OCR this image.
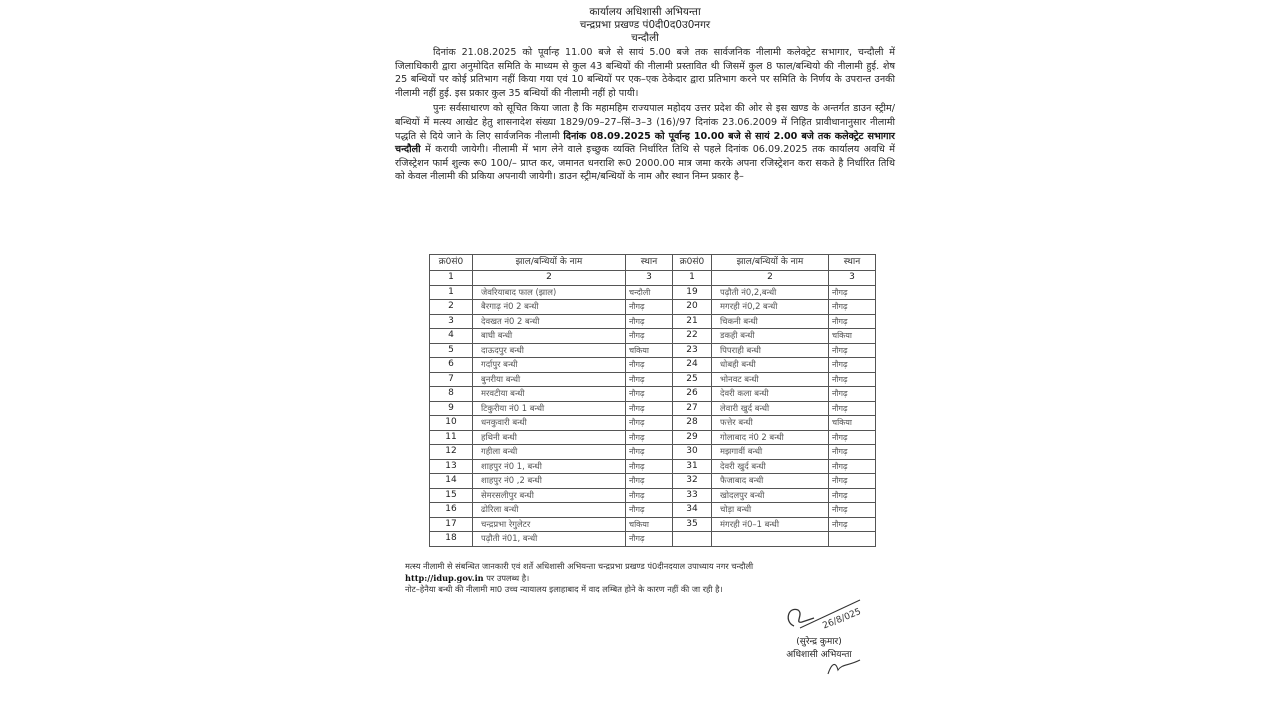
कार्यालय अधिशासी अभियन्ता
चन्द्रप्रभा प्रखण्ड पं0दी0द0उ0नगर
चन्दौली

दिनांक 21.08.2025 को पूर्वान्ह 11.00 बजे से सायं 5.00 बजे तक सार्वजनिक नीलामी कलेक्ट्रेट सभागार, चन्दौली में जिलाधिकारी द्वारा अनुमोदित समिति के माध्यम से कुल 43 बन्धियों की नीलामी प्रस्तावित थी जिसमें कुल 8 फाल/बन्धियो की नीलामी हुई. शेष 25 बन्धियों पर कोई प्रतिभाग नहीं किया गया एवं 10 बन्धियों पर एक–एक ठेकेदार द्वारा प्रतिभाग करने पर समिति के निर्णय के उपरान्त उनकी नीलामी नहीं हुई. इस प्रकार कुल 35 बन्धियों की नीलामी नहीं हो पायी।

पुनः सर्वसाधारण को सूचित किया जाता है कि महामहिम राज्यपाल महोदय उत्तर प्रदेश की ओर से इस खण्ड के अन्तर्गत डाउन स्ट्रीम/बन्धियों में मत्स्य आखेट हेतु शासनादेश संख्या 1829/09–27–सिं–3–3 (16)/97 दिनांक 23.06.2009 में निहित प्रावीधानानुसार नीलामी पद्धति से दिये जाने के लिए सार्वजनिक नीलामी दिनांक 08.09.2025 को पूर्वान्ह 10.00 बजे से सायं 2.00 बजे तक कलेक्ट्रेट सभागार चन्दौली में करायी जायेगी। नीलामी में भाग लेने वाले इच्छुक व्यक्ति निर्धारित तिथि से पहले दिनांक 06.09.2025 तक कार्यालय अवधि में रजिस्ट्रेशन फार्म शुल्क रू0 100/– प्राप्त कर, जमानत धनराशि रू0 2000.00 मात्र जमा करके अपना रजिस्ट्रेशन करा सकते है निर्धारित तिथि को केवल नीलामी की प्रकिया अपनायी जायेगी। डाउन स्ट्रीम/बन्धियों के नाम और स्थान निम्न प्रकार है–

क्र0सं0	झाल/बन्धियों के नाम	स्थान	क्र0सं0	झाल/बन्धियों के नाम	स्थान
1	2	3	1	2	3
1	जेवरियाबाद फाल (झाल)	चन्दौली	19	पढ़ौती नं0,2,बन्धी	नौगढ़
2	बैरगाढ़ नं0 2 बन्धी	नौगढ़	20	मगरही नं0,2 बन्धी	नौगढ़
3	देवखत नं0 2 बन्धी	नौगढ़	21	चिकनी बन्धी	नौगढ़
4	बाघी बन्धी	नौगढ़	22	डकही बन्धी	चकिया
5	दाऊदपुर बन्धी	चकिया	23	पिपराही बन्धी	नौगढ़
6	गर्दापुर बन्धी	नौगढ़	24	धोबही बन्धी	नौगढ़
7	बुनरीया बन्धी	नौगढ़	25	भोनवट बन्धी	नौगढ़
8	मरवटीया बन्धी	नौगढ़	26	देवरी कला बन्धी	नौगढ़
9	टिकुरीया नं0 1 बन्धी	नौगढ़	27	लेवारी खुर्द बन्धी	नौगढ़
10	धनकुवारी बन्धी	नौगढ़	28	फत्तेर बन्धी	चकिया
11	हथिनी बन्धी	नौगढ़	29	गोलाबाद नं0 2 बन्धी	नौगढ़
12	गहीला बन्धी	नौगढ़	30	मझगावीं बन्धी	नौगढ़
13	शाहपुर नं0 1, बन्धी	नौगढ़	31	देवरी खुर्द बन्धी	नौगढ़
14	शाहपुर नं0 ,2 बन्धी	नौगढ़	32	फैजाबाद बन्धी	नौगढ़
15	सेमरसलीपुर बन्धी	नौगढ़	33	खोदलपुर बन्धी	नौगढ़
16	ढोरिला बन्धी	नौगढ़	34	चोड़ा बन्धी	नौगढ़
17	चन्द्रप्रभा रेगुलेटर	चकिया	35	मंगरही नं0–1 बन्धी	नौगढ़
18	पढ़ौती नं01, बन्धी	नौगढ़			
मत्स्य नीलामी से संबन्धित जानकारी एवं शर्ते अधिशासी अभियन्ता चन्द्रप्रभा प्रखण्ड पं0दीनदयाल उपाध्याय नगर चन्दौली
http://idup.gov.in पर उपलब्ध है।
नोट–हेनैया बन्धी की नीलामी मा0 उच्च न्यायालय इलाहाबाद में वाद लम्बित होने के कारण नहीं की जा रही है।
26/8/025
(सुरेन्द्र कुमार)
अधिशासी अभियन्ता
